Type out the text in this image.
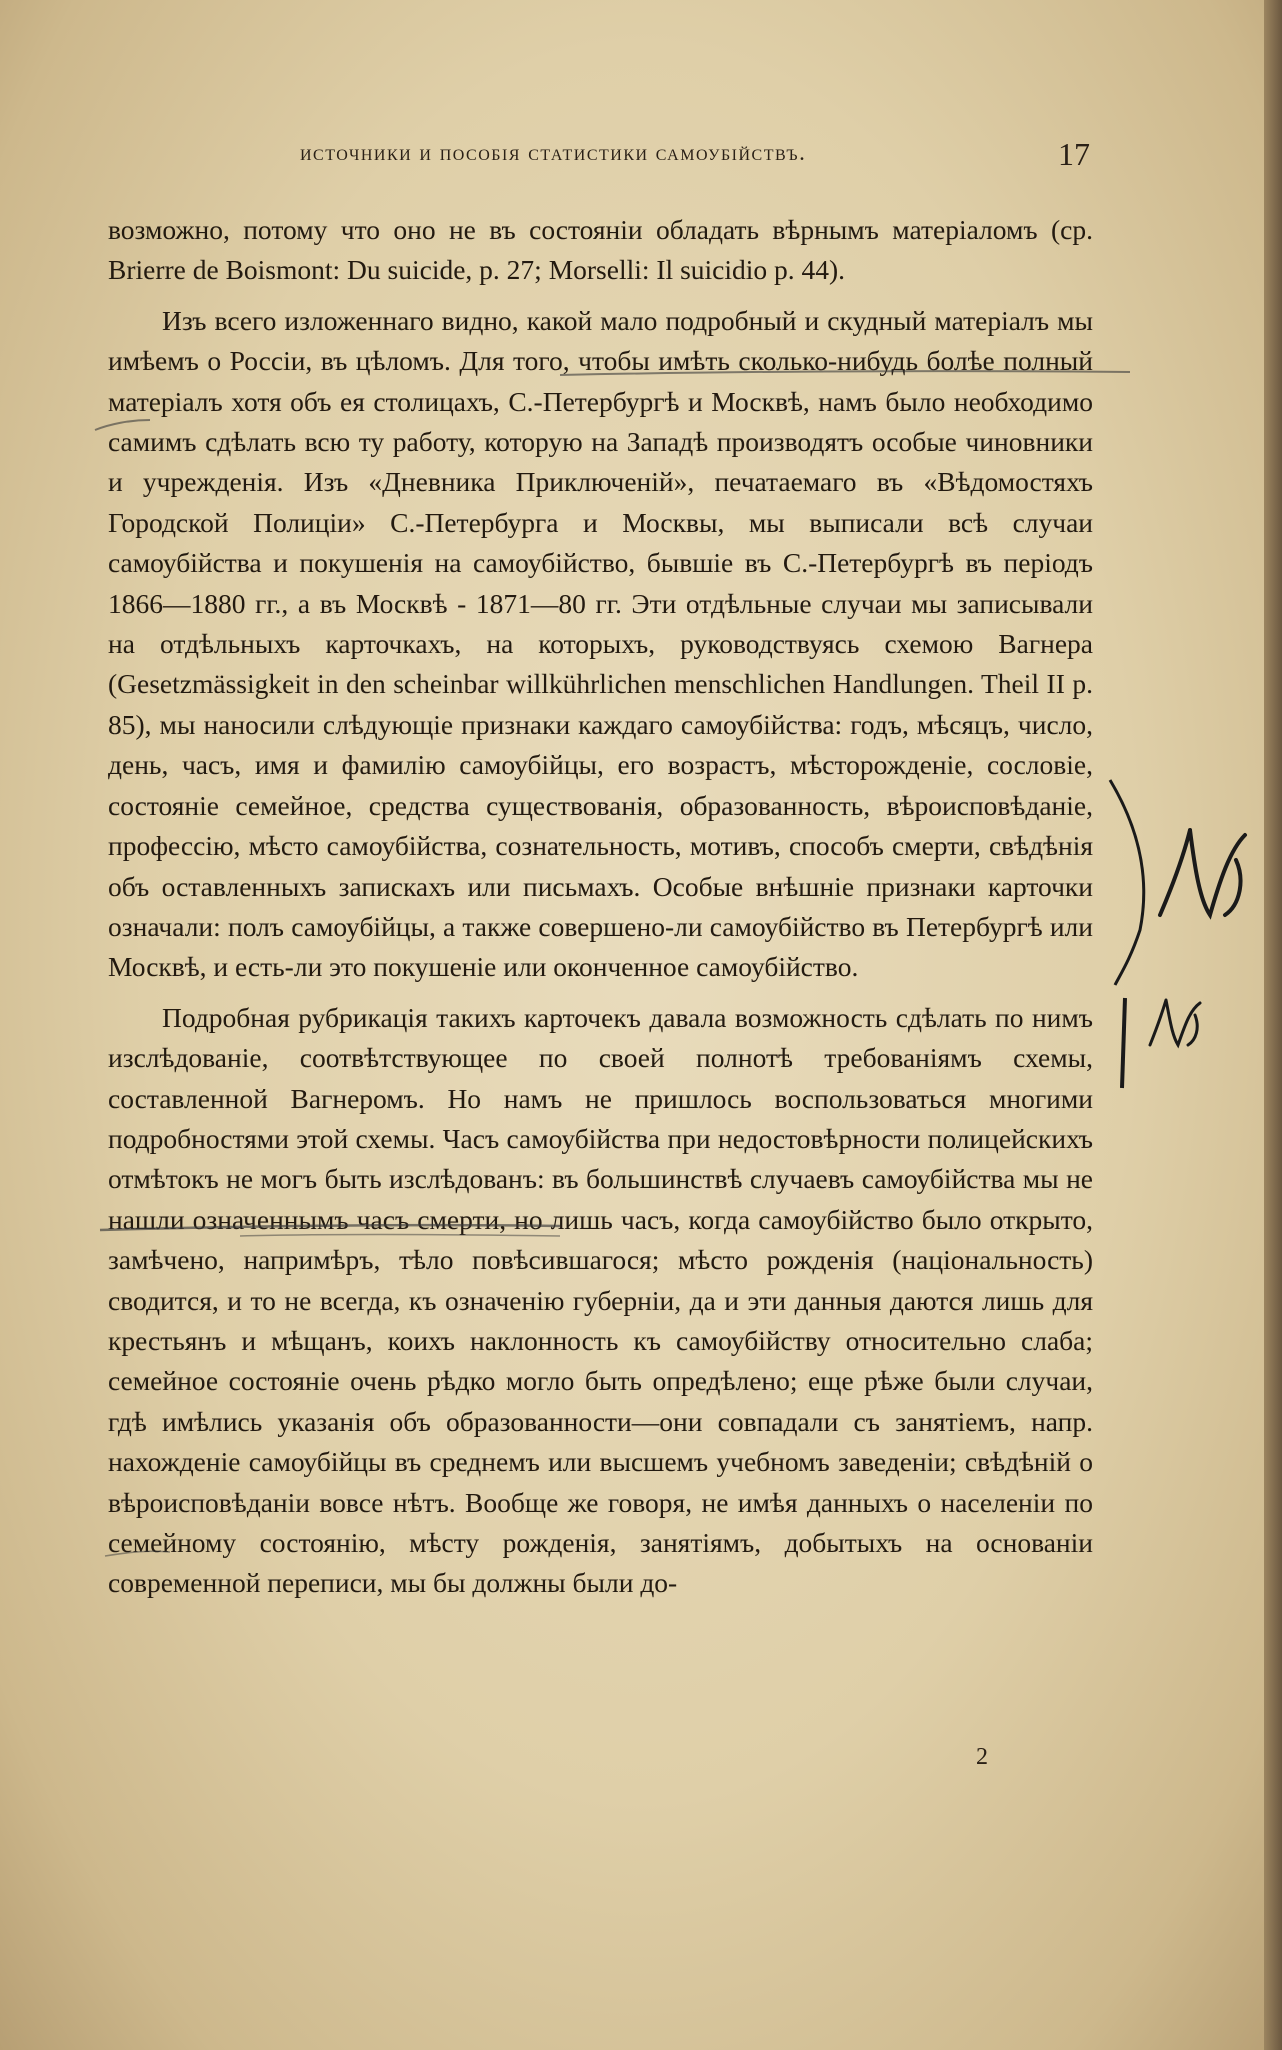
источники и пособія статистики самоубійствъ.	17

возможно, потому что оно не въ состояніи обладать вѣрнымъ матеріаломъ (ср. Brierre de Boismont: Du suicide, p. 27; Morselli: Il suicidio p. 44).

Изъ всего изложеннаго видно, какой мало подробный и скудный матеріалъ мы имѣемъ о Россіи, въ цѣломъ. Для того, чтобы имѣть сколько-нибудь болѣе полный матеріалъ хотя объ ея столицахъ, С.-Петербургѣ и Москвѣ, намъ было необходимо самимъ сдѣлать всю ту работу, которую на Западѣ производятъ особые чиновники и учрежденія. Изъ «Дневника Приключеній», печатаемаго въ «Вѣдомостяхъ Городской Полиціи» С.-Петербурга и Москвы, мы выписали всѣ случаи самоубійства и покушенія на самоубійство, бывшіе въ С.-Петербургѣ въ періодъ 1866—1880 гг., а въ Москвѣ - 1871—80 гг. Эти отдѣльные случаи мы записывали на отдѣльныхъ карточкахъ, на которыхъ, руководствуясь схемою Вагнера (Gesetzmässigkeit in den scheinbar willkührlichen menschlichen Handlungen. Theil II p. 85), мы наносили слѣдующіе признаки каждаго самоубійства: годъ, мѣсяцъ, число, день, часъ, имя и фамилію самоубійцы, его возрастъ, мѣсторожденіе, сословіе, состояніе семейное, средства существованія, образованность, вѣроисповѣданіе, профессію, мѣсто самоубійства, сознательность, мотивъ, способъ смерти, свѣдѣнія объ оставленныхъ запискахъ или письмахъ. Особые внѣшніе признаки карточки означали: полъ самоубійцы, а также совершено-ли самоубійство въ Петербургѣ или Москвѣ, и есть-ли это покушеніе или оконченное самоубійство.

Подробная рубрикація такихъ карточекъ давала возможность сдѣлать по нимъ изслѣдованіе, соотвѣтствующее по своей полнотѣ требованіямъ схемы, составленной Вагнеромъ. Но намъ не пришлось воспользоваться многими подробностями этой схемы. Часъ самоубійства при недостовѣрности полицейскихъ отмѣтокъ не могъ быть изслѣдованъ: въ большинствѣ случаевъ самоубійства мы не нашли означеннымъ часъ смерти, но лишь часъ, когда самоубійство было открыто, замѣчено, напримѣръ, тѣло повѣсившагося; мѣсто рожденія (національность) сводится, и то не всегда, къ означенію губерніи, да и эти данныя даются лишь для крестьянъ и мѣщанъ, коихъ наклонность къ самоубійству относительно слаба; семейное состояніе очень рѣдко могло быть опредѣлено; еще рѣже были случаи, гдѣ имѣлись указанія объ образованности—они совпадали съ занятіемъ, напр. нахожденіе самоубійцы въ среднемъ или высшемъ учебномъ заведеніи; свѣдѣній о вѣроисповѣданіи вовсе нѣтъ. Вообще же говоря, не имѣя данныхъ о населеніи по семейному состоянію, мѣсту рожденія, занятіямъ, добытыхъ на основаніи современной переписи, мы бы должны были до-

2
